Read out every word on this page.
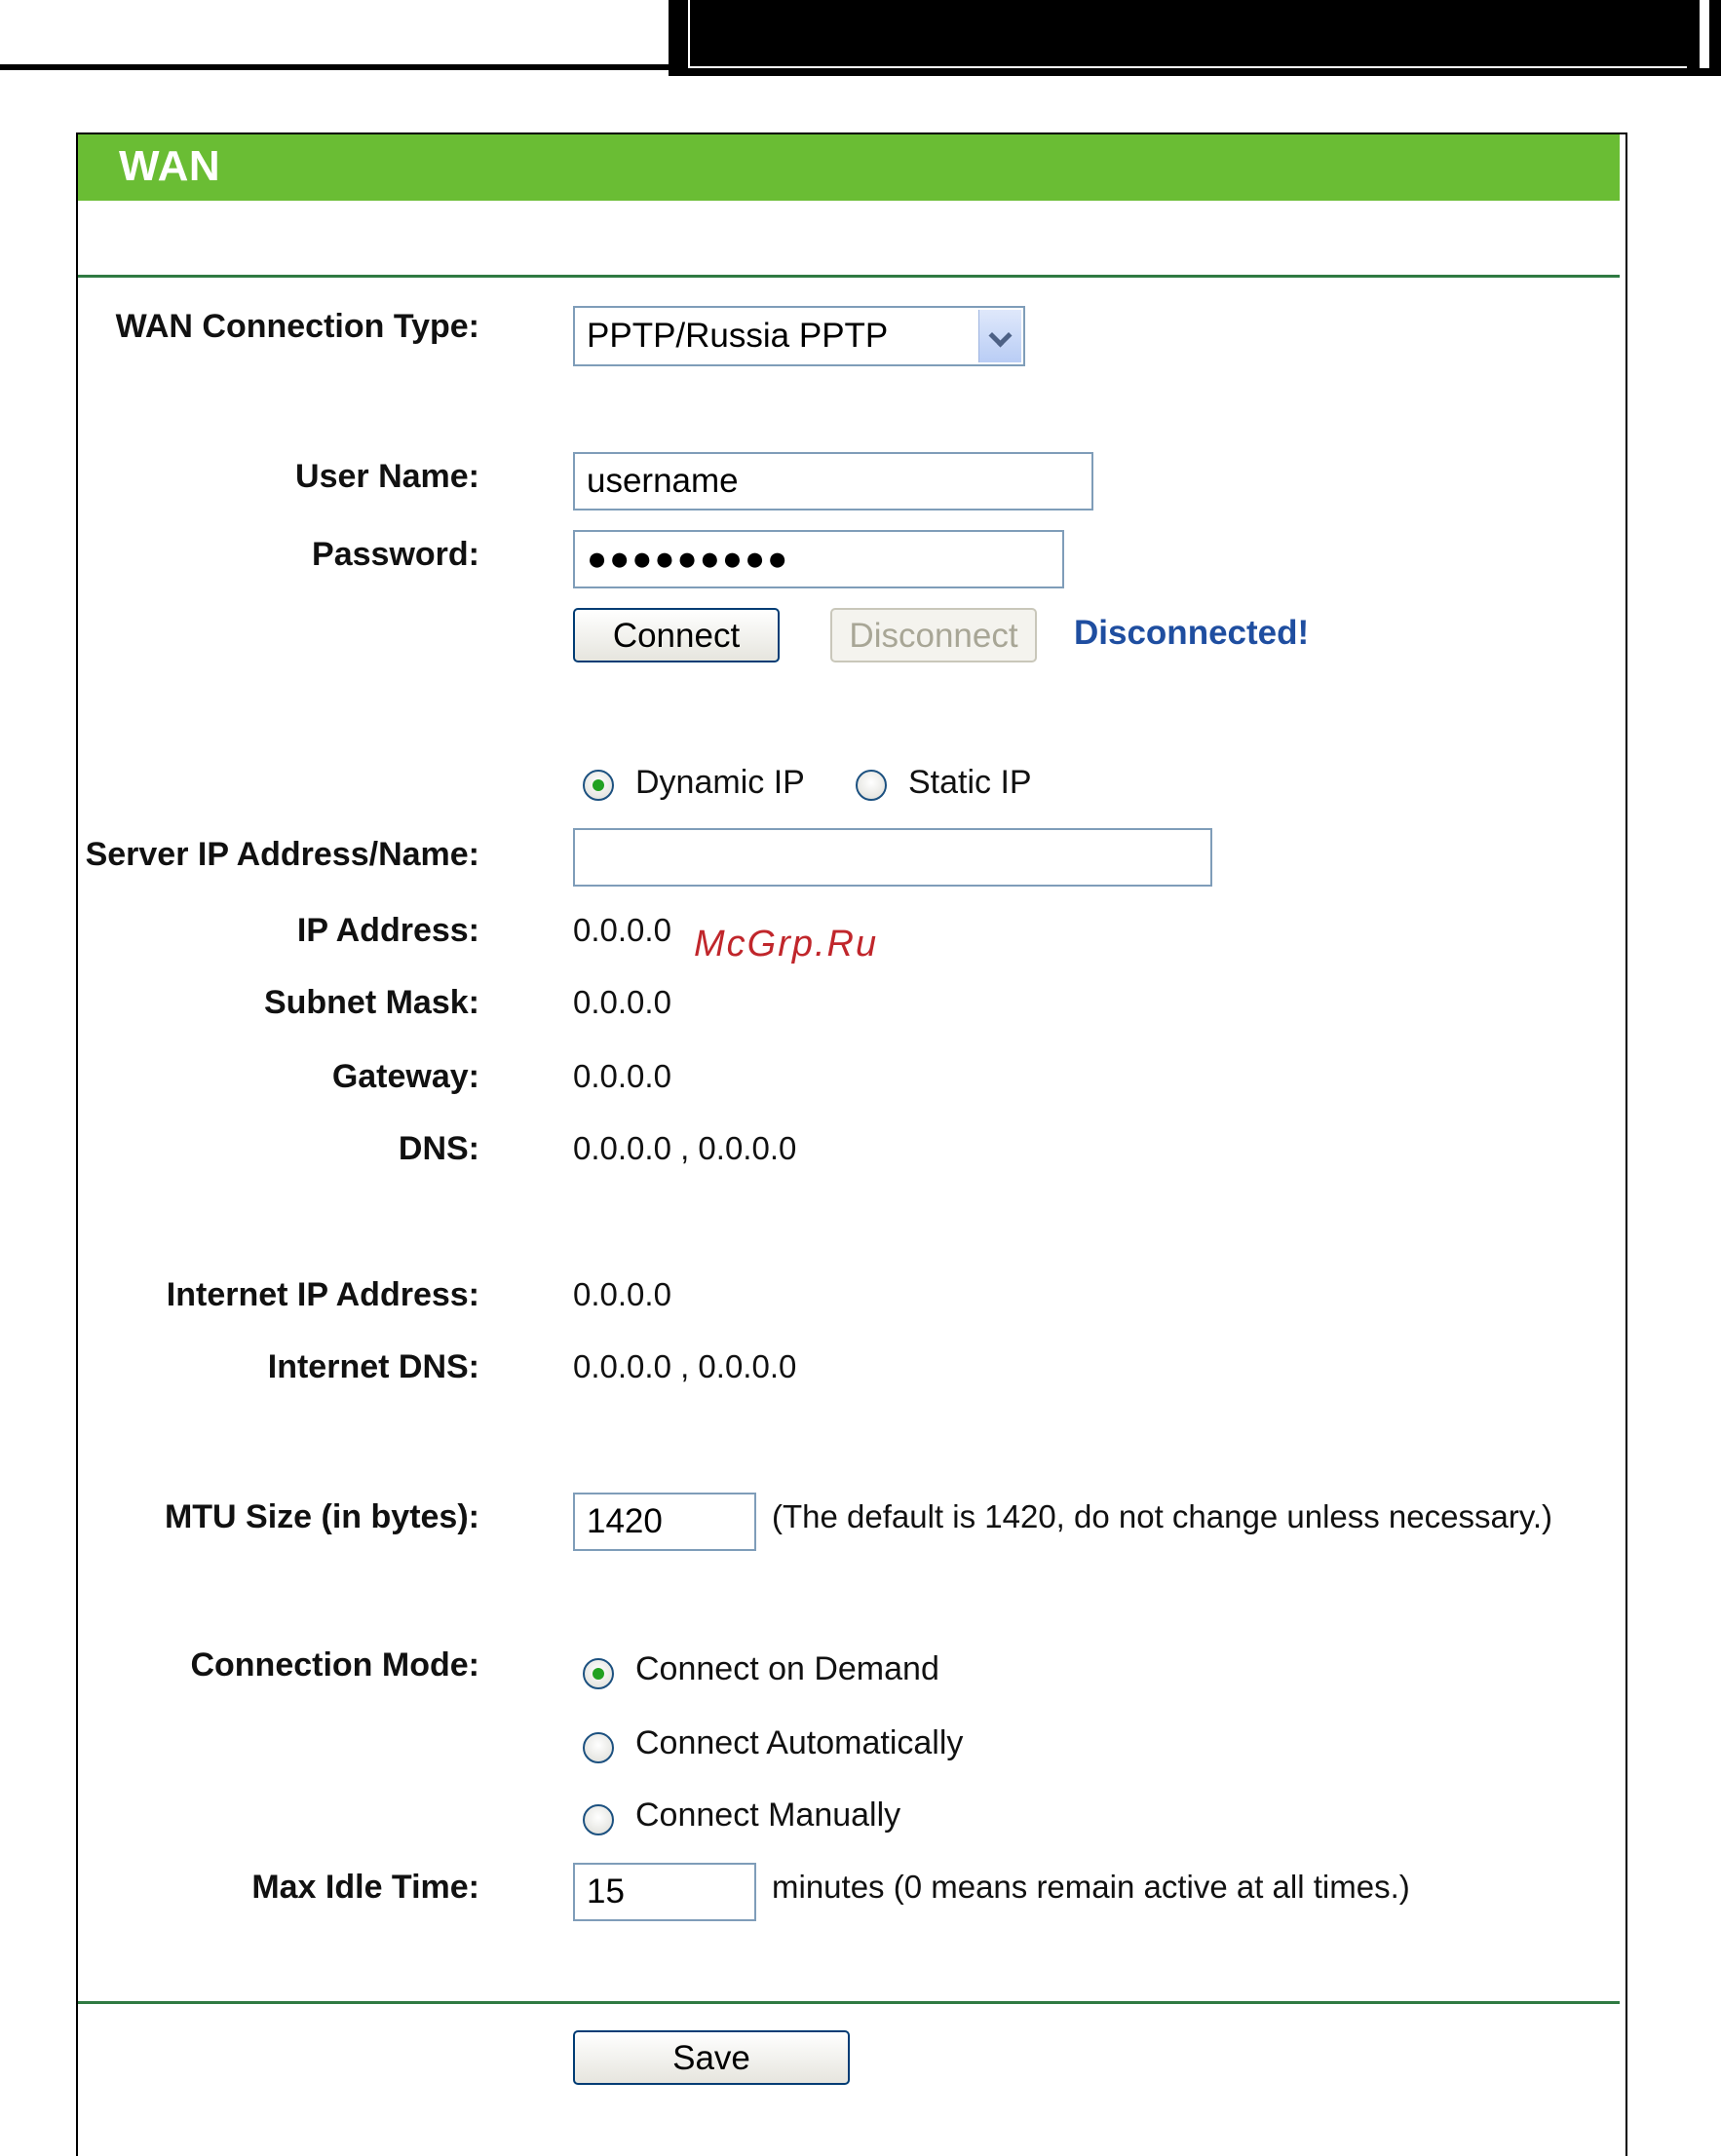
WAN
WAN Connection Type:	PPTP/Russia PPTP
User Name:	username
Password:	●●●●●●●●●
Connect	Disconnect	Disconnected!
Dynamic IP	Static IP
Server IP Address/Name:
IP Address:	0.0.0.0
Subnet Mask:	0.0.0.0
Gateway:	0.0.0.0
DNS:	0.0.0.0 , 0.0.0.0
Internet IP Address:	0.0.0.0
Internet DNS:	0.0.0.0 , 0.0.0.0
MTU Size (in bytes):	1420	(The default is 1420, do not change unless necessary.)
Connection Mode:	Connect on Demand
Connect Automatically
Connect Manually
Max Idle Time:	15	minutes (0 means remain active at all times.)
Save
McGrp.Ru
